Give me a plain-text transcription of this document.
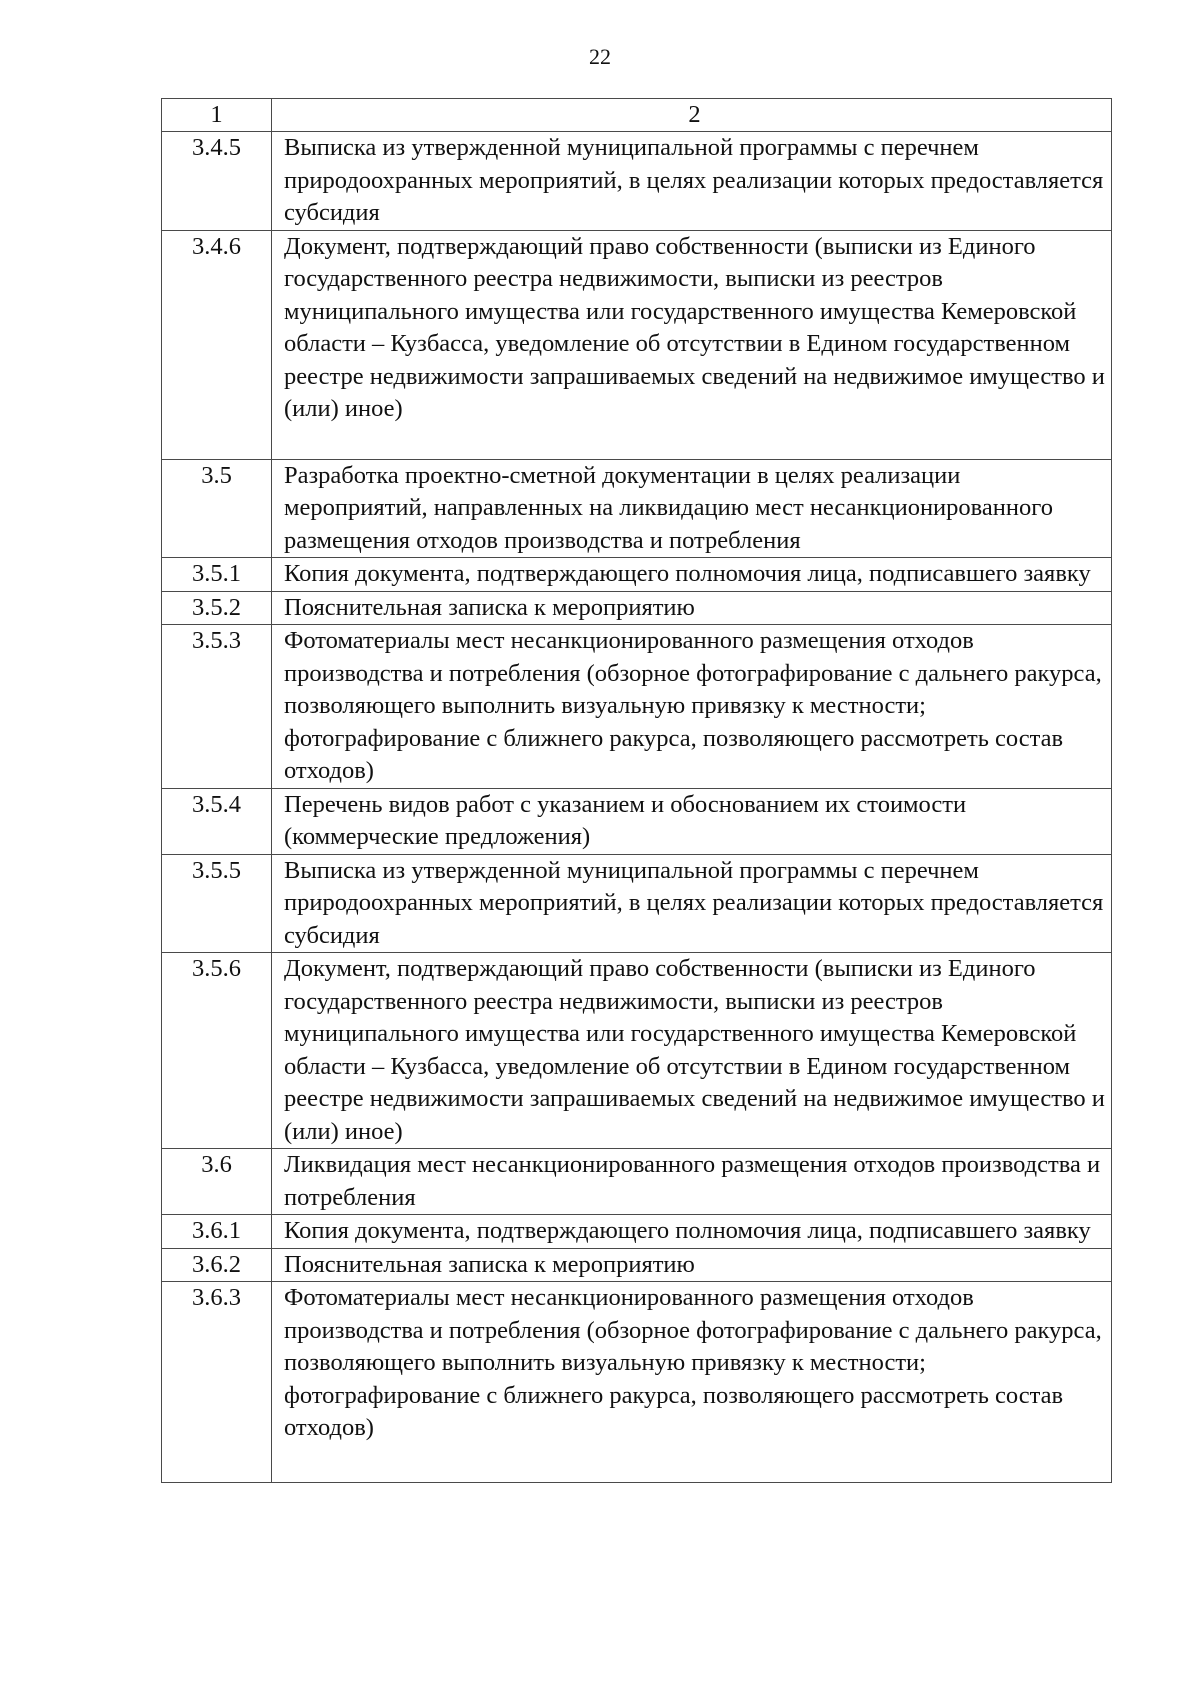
22
1	2
3.4.5	Выписка из утвержденной муниципальной программы с перечнем природоохранных мероприятий, в целях реализации которых предоставляется субсидия
3.4.6	Документ, подтверждающий право собственности (выписки из Единого государственного реестра недвижимости, выписки из реестров муниципального имущества или государственного имущества Кемеровской области – Кузбасса, уведомление об отсутствии в Едином государственном реестре недвижимости запрашиваемых сведений на недвижимое имущество и (или) иное)
3.5	Разработка проектно-сметной документации в целях реализации мероприятий, направленных на ликвидацию мест несанкционированного размещения отходов производства и потребления
3.5.1	Копия документа, подтверждающего полномочия лица, подписавшего заявку
3.5.2	Пояснительная записка к мероприятию
3.5.3	Фотоматериалы мест несанкционированного размещения отходов производства и потребления (обзорное фотографирование с дальнего ракурса, позволяющего выполнить визуальную привязку к местности; фотографирование с ближнего ракурса, позволяющего рассмотреть состав отходов)
3.5.4	Перечень видов работ с указанием и обоснованием их стоимости (коммерческие предложения)
3.5.5	Выписка из утвержденной муниципальной программы с перечнем природоохранных мероприятий, в целях реализации которых предоставляется субсидия
3.5.6	Документ, подтверждающий право собственности (выписки из Единого государственного реестра недвижимости, выписки из реестров муниципального имущества или государственного имущества Кемеровской области – Кузбасса, уведомление об отсутствии в Едином государственном реестре недвижимости запрашиваемых сведений на недвижимое имущество и (или) иное)
3.6	Ликвидация мест несанкционированного размещения отходов производства и потребления
3.6.1	Копия документа, подтверждающего полномочия лица, подписавшего заявку
3.6.2	Пояснительная записка к мероприятию
3.6.3	Фотоматериалы мест несанкционированного размещения отходов производства и потребления (обзорное фотографирование с дальнего ракурса, позволяющего выполнить визуальную привязку к местности; фотографирование с ближнего ракурса, позволяющего рассмотреть состав отходов)
